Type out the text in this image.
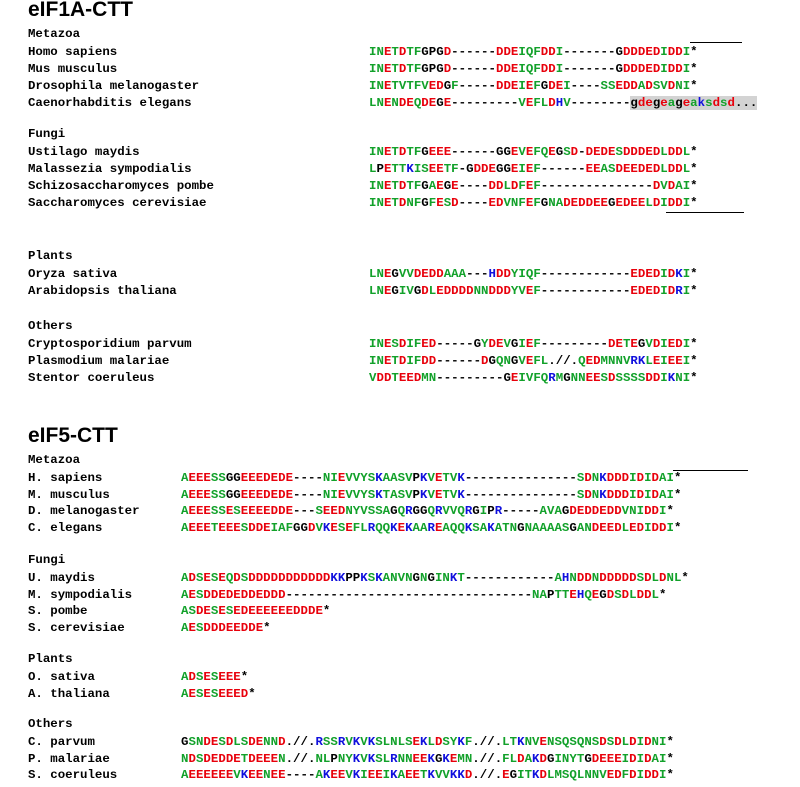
eIF1A-CTT
eIF5-CTT
Metazoa
Homo sapiens	INETDTFGPGD------DDEIQFDDI-------GDDDEDIDDI*
Mus musculus	INETDTFGPGD------DDEIQFDDI-------GDDDEDIDDI*
Drosophila melanogaster	INETVTFVEDGF-----DDEIEFGDEI----SSEDDADSVDNI*
Caenorhabditis elegans	LNENDEQDEGE---------VEFLDHV--------gdegeageaksdsd...
Fungi
Ustilago maydis	INETDTFGEEE------GGEVEFQEGSD-DEDESDDDEDLDDL*
Malassezia sympodialis	LPETTKISEETF-GDDEGGEIEF------EEASDEEDEDLDDL*
Schizosaccharomyces pombe	INETDTFGAEGE----DDLDFEF---------------DVDAI*
Saccharomyces cerevisiae	INETDNFGFESD----EDVNFEFGNADEDDEEGEDEELDIDDI*
Plants
Oryza sativa	LNEGVVDEDDAAA---HDDYIQF------------EDEDIDKI*
Arabidopsis thaliana	LNEGIVGDLEDDDDNNDDDYVEF------------EDEDIDRI*
Others
Cryptosporidium parvum	INESDIFED-----GYDEVGIEF---------DETEGVDIEDI*
Plasmodium malariae	INETDIFDD------DGQNGVEFL.//.QEDMNNVRKLEIEEI*
Stentor coeruleus	VDDTEEDMN---------GEIVFQRMGNNEESDSSSSDDIKNI*
Metazoa
H. sapiens	AEEESSGGEEEDEDE----NIEVVYSKAASVPKVETVK---------------SDNKDDDIDIDAI*
M. musculus	AEEESSGGEEEDEDE----NIEVVYSKTASVPKVETVK---------------SDNKDDDIDIDAI*
D. melanogaster	AEEESSESEEEEDDE---SEEDNYVSSAGQRGGQRVVQRGIPR-----AVAGDEDDEDDVNIDDI*
C. elegans	AEEETEEESDDEIAFGGDVKESEFLRQQKEKAAREAQQKSAKATNGNAAAASGANDEEDLEDIDDI*
Fungi
U. maydis	ADSESEQDSDDDDDDDDDDDKKPPKSKANVNGNGINKT------------AHNDDNDDDDDSDLDNL*
M. sympodialis	AESDDEDEDDEDDD---------------------------------NAPTTEHQEGDSDLDDL*
S. pombe	ASDESESEDEEEEEEDDDE*
S. cerevisiae	AESDDDEEDDE*
Plants
O. sativa	ADSESEEE*
A. thaliana	AESESEEED*
Others
C. parvum	GSNDESDLSDENND.//.RSSRVKVKSLNLSEKLDSYKF.//.LTKNVENSQSQNSDSDLDIDNI*
P. malariae	NDSDEDDETDEEEN.//.NLPNYKVKSLRNNEEKGKEMN.//.FLDAKDGINYTGDEEEIDIDAI*
S. coeruleus	AEEEEEEVKEENEE----AKEEVKIEEIKAEETKVVKKD.//.EGITKDLMSQLNNVEDFDIDDI*
